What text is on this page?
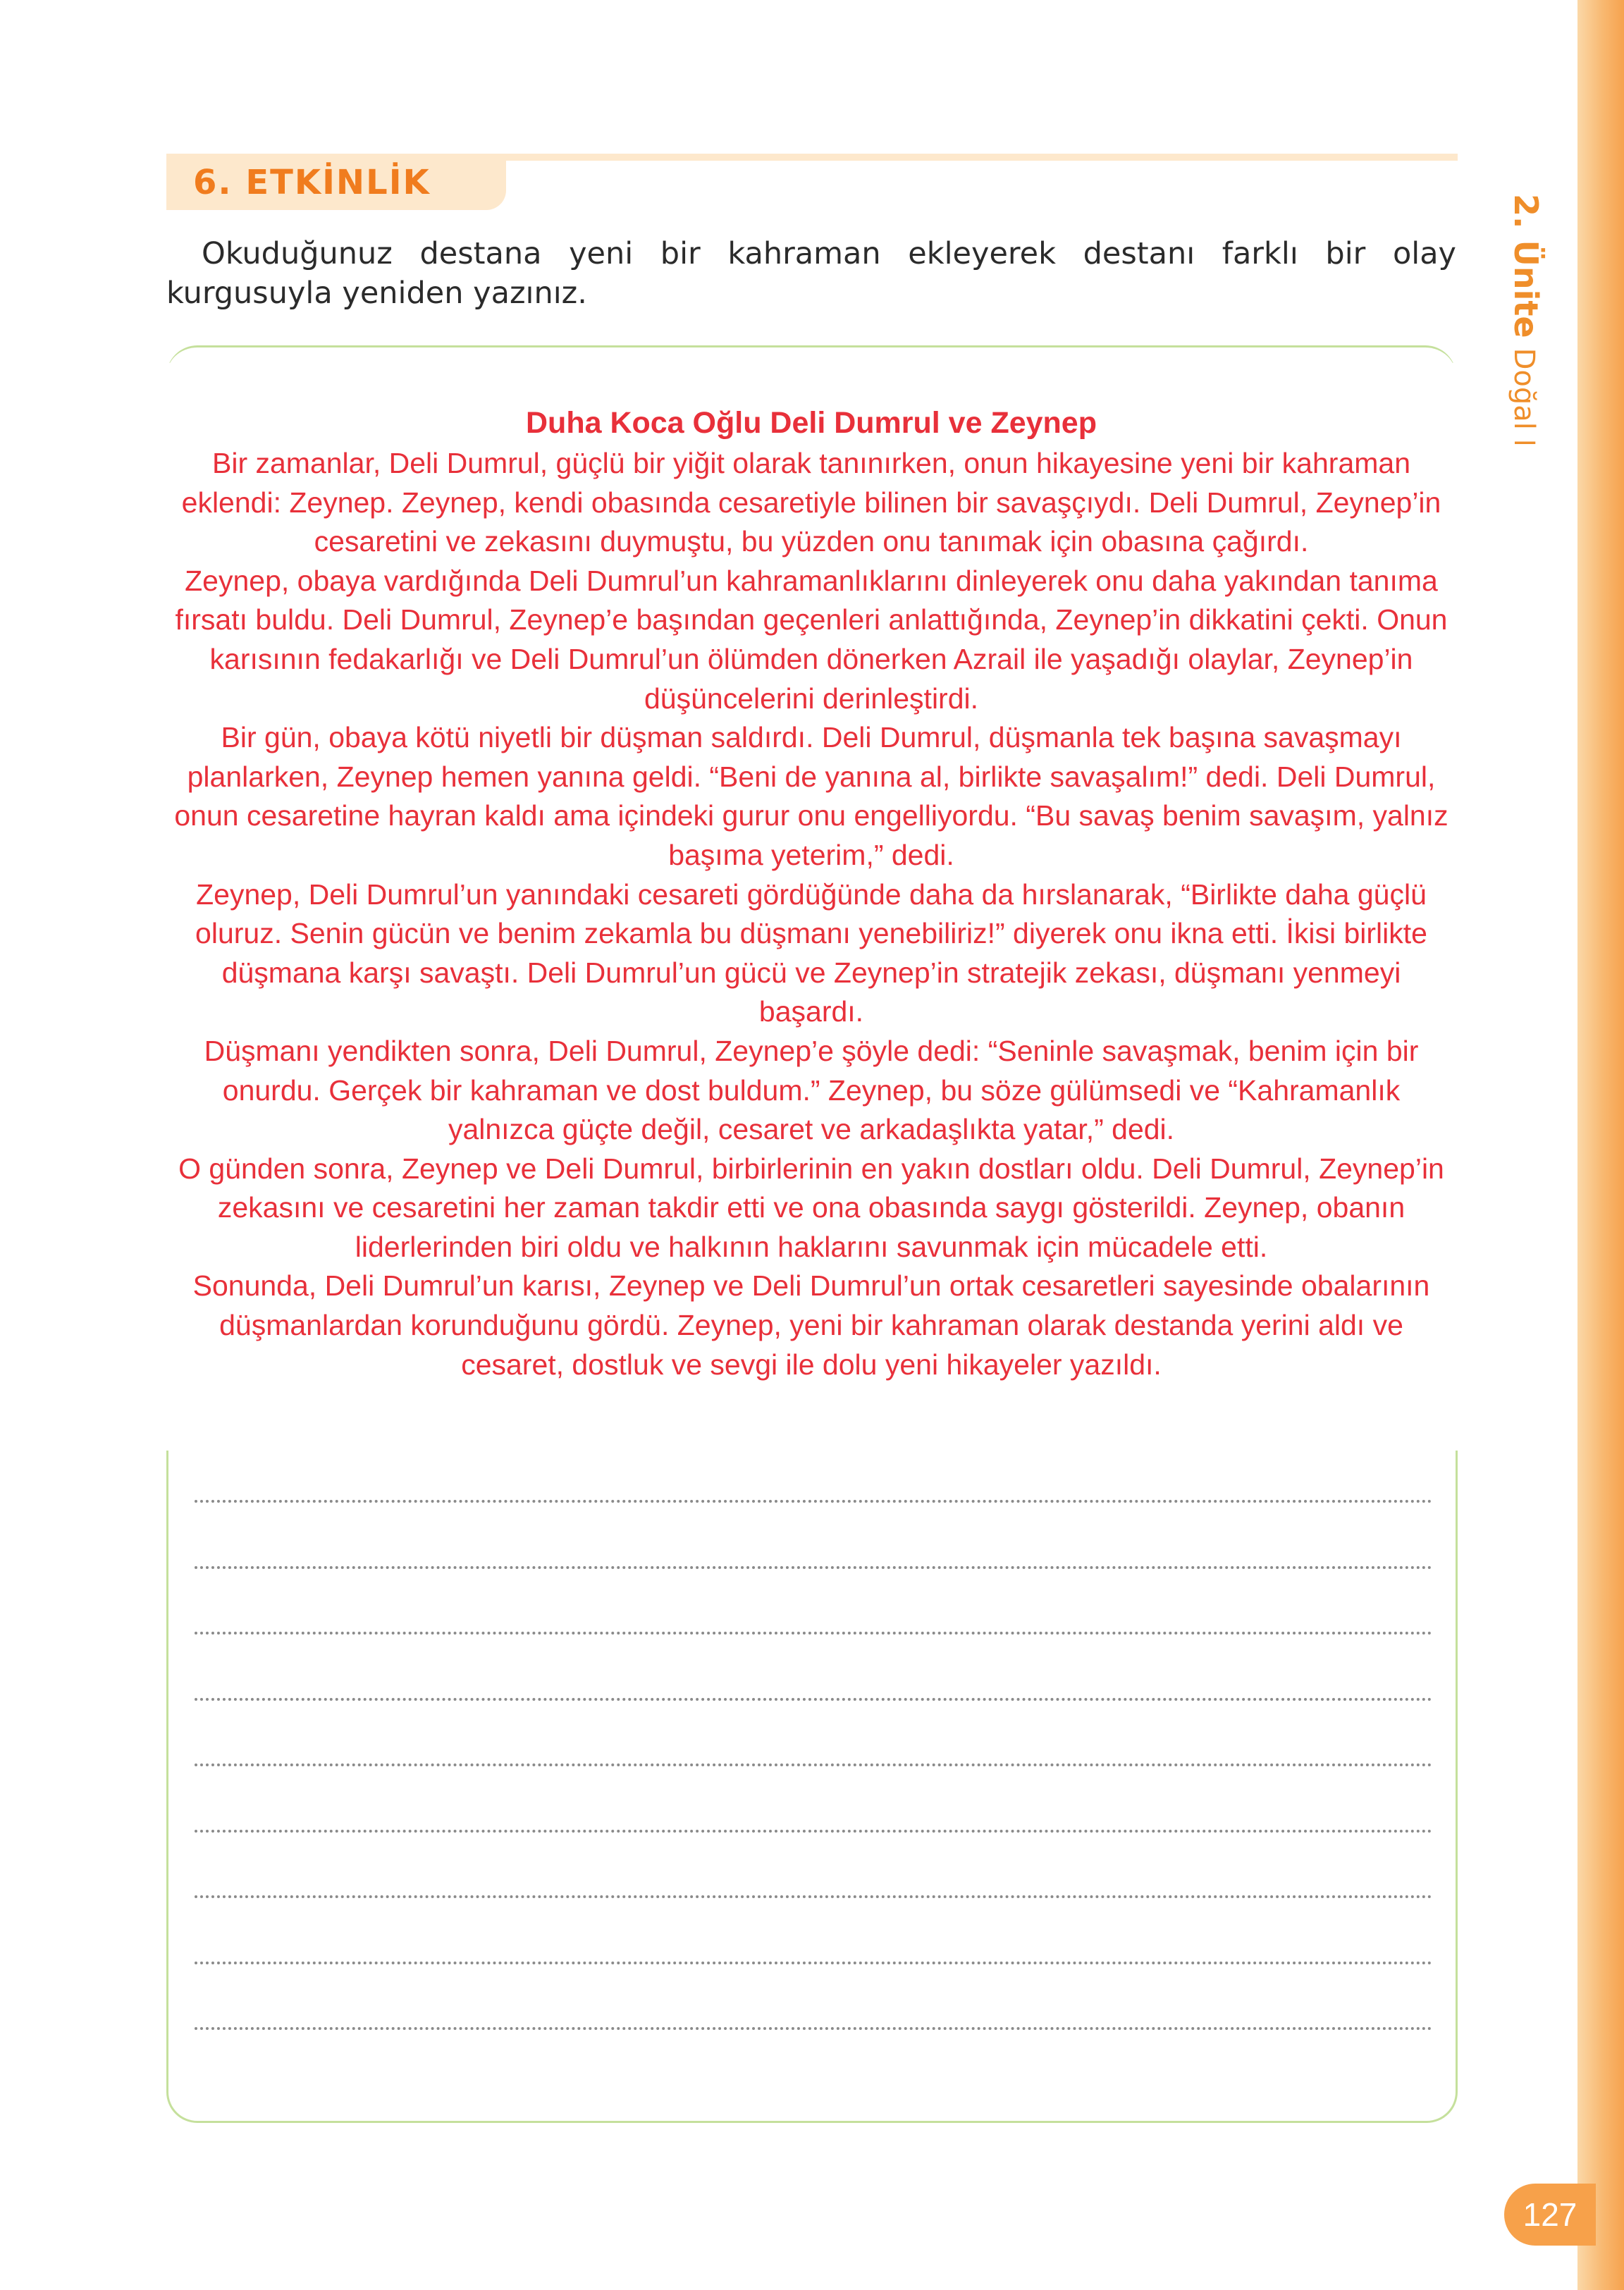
2. Ünite
6. ETKİNLİK
Okuduğunuz destana yeni bir kahraman ekleyerek destanı farklı bir olay kurgusuyla yeniden yazınız.
Duha Koca Oğlu Deli Dumrul ve Zeynep

Bir zamanlar, Deli Dumrul, güçlü bir yiğit olarak tanınırken, onun hikayesine yeni bir kahraman eklendi: Zeynep. Zeynep, kendi obasında cesaretiyle bilinen bir savaşçıydı. Deli Dumrul, Zeynep’in cesaretini ve zekasını duymuştu, bu yüzden onu tanımak için obasına çağırdı.

Zeynep, obaya vardığında Deli Dumrul’un kahramanlıklarını dinleyerek onu daha yakından tanıma fırsatı buldu. Deli Dumrul, Zeynep’e başından geçenleri anlattığında, Zeynep’in dikkatini çekti. Onun karısının fedakarlığı ve Deli Dumrul’un ölümden dönerken Azrail ile yaşadığı olaylar, Zeynep’in düşüncelerini derinleştirdi.

Bir gün, obaya kötü niyetli bir düşman saldırdı. Deli Dumrul, düşmanla tek başına savaşmayı planlarken, Zeynep hemen yanına geldi. “Beni de yanına al, birlikte savaşalım!” dedi. Deli Dumrul, onun cesaretine hayran kaldı ama içindeki gurur onu engelliyordu. “Bu savaş benim savaşım, yalnız başıma yeterim,” dedi.

Zeynep, Deli Dumrul’un yanındaki cesareti gördüğünde daha da hırslanarak, “Birlikte daha güçlü oluruz. Senin gücün ve benim zekamla bu düşmanı yenebiliriz!” diyerek onu ikna etti. İkisi birlikte düşmana karşı savaştı. Deli Dumrul’un gücü ve Zeynep’in stratejik zekası, düşmanı yenmeyi başardı.

Düşmanı yendikten sonra, Deli Dumrul, Zeynep’e şöyle dedi: “Seninle savaşmak, benim için bir onurdu. Gerçek bir kahraman ve dost buldum.” Zeynep, bu söze gülümsedi ve “Kahramanlık yalnızca güçte değil, cesaret ve arkadaşlıkta yatar,” dedi.

O günden sonra, Zeynep ve Deli Dumrul, birbirlerinin en yakın dostları oldu. Deli Dumrul, Zeynep’in zekasını ve cesaretini her zaman takdir etti ve ona obasında saygı gösterildi. Zeynep, obanın liderlerinden biri oldu ve halkının haklarını savunmak için mücadele etti.

Sonunda, Deli Dumrul’un karısı, Zeynep ve Deli Dumrul’un ortak cesaretleri sayesinde obalarının düşmanlardan korunduğunu gördü. Zeynep, yeni bir kahraman olarak destanda yerini aldı ve cesaret, dostluk ve sevgi ile dolu yeni hikayeler yazıldı.

127
